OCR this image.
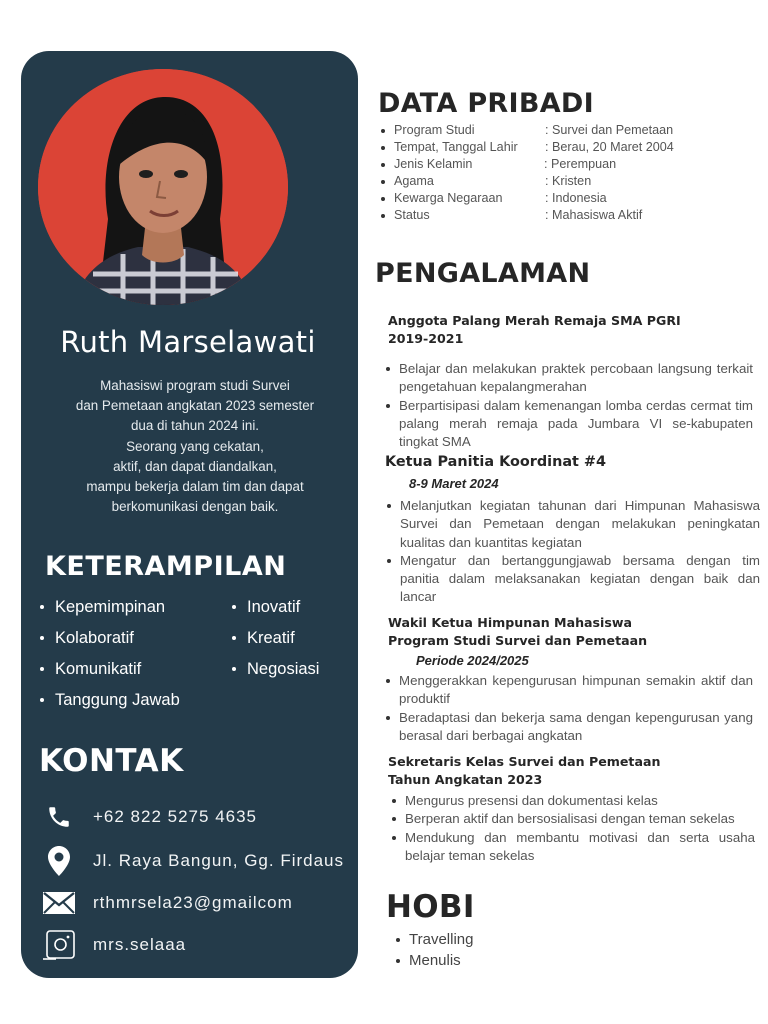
Ruth Marselawati

Mahasiswi program studi Survei

dan Pemetaan angkatan 2023 semester

dua di tahun 2024 ini.

Seorang yang cekatan,

aktif, dan dapat diandalkan,

mampu bekerja dalam tim dan dapat

berkomunikasi dengan baik.

KETERAMPILAN
Kepemimpinan
Kolaboratif
Komunikatif
Tanggung Jawab
Inovatif
Kreatif
Negosiasi
KONTAK
+62 822 5275 4635
Jl. Raya Bangun, Gg. Firdaus
rthmrsela23@gmailcom
mrs.selaaa
DATA PRIBADI
Program Studi	: Survei dan Pemetaan
Tempat, Tanggal Lahir : Berau, 20 Maret 2004
Jenis Kelamin	: Perempuan
Agama	: Kristen
Kewarga Negaraan	: Indonesia
Status	: Mahasiswa Aktif
PENGALAMAN
Anggota Palang Merah Remaja SMA PGRI
2019-2021
Belajar dan melakukan praktek percobaan langsung terkait pengetahuan kepalangmerahan
Berpartisipasi dalam kemenangan lomba cerdas cermat tim palang merah remaja pada Jumbara VI se-kabupaten tingkat SMA
Ketua Panitia Koordinat #4
8-9 Maret 2024
Melanjutkan kegiatan tahunan dari Himpunan Mahasiswa Survei dan Pemetaan dengan melakukan peningkatan kualitas dan kuantitas kegiatan
Mengatur dan bertanggungjawab bersama dengan tim panitia dalam melaksanakan kegiatan dengan baik dan lancar
Wakil Ketua Himpunan Mahasiswa
Program Studi Survei dan Pemetaan
Periode 2024/2025
Menggerakkan kepengurusan himpunan semakin aktif dan produktif
Beradaptasi dan bekerja sama dengan kepengurusan yang berasal dari berbagai angkatan
Sekretaris Kelas Survei dan Pemetaan
Tahun Angkatan 2023
Mengurus presensi dan dokumentasi kelas
Berperan aktif dan bersosialisasi dengan teman sekelas
Mendukung dan membantu motivasi dan serta usaha belajar teman sekelas
HOBI
Travelling
Menulis
